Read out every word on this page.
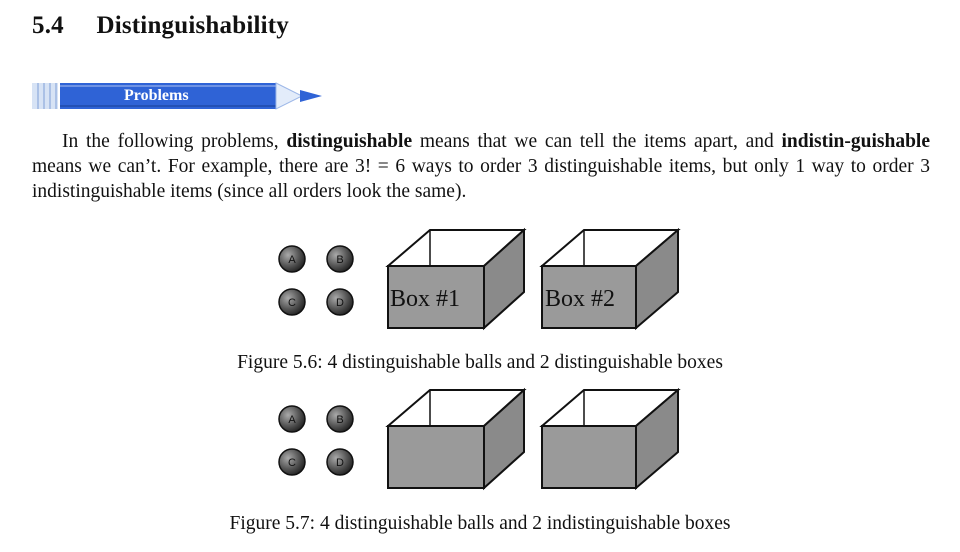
5.4 Distinguishability
Problems
In the following problems, distinguishable means that we can tell the items apart, and indistin-guishable means we can’t. For example, there are 3! = 6 ways to order 3 distinguishable items, but only 1 way to order 3 indistinguishable items (since all orders look the same).
A	B
C	D Box #1	Box #2
Figure 5.6: 4 distinguishable balls and 2 distinguishable boxes
A	B
C	D
Figure 5.7: 4 distinguishable balls and 2 indistinguishable boxes
